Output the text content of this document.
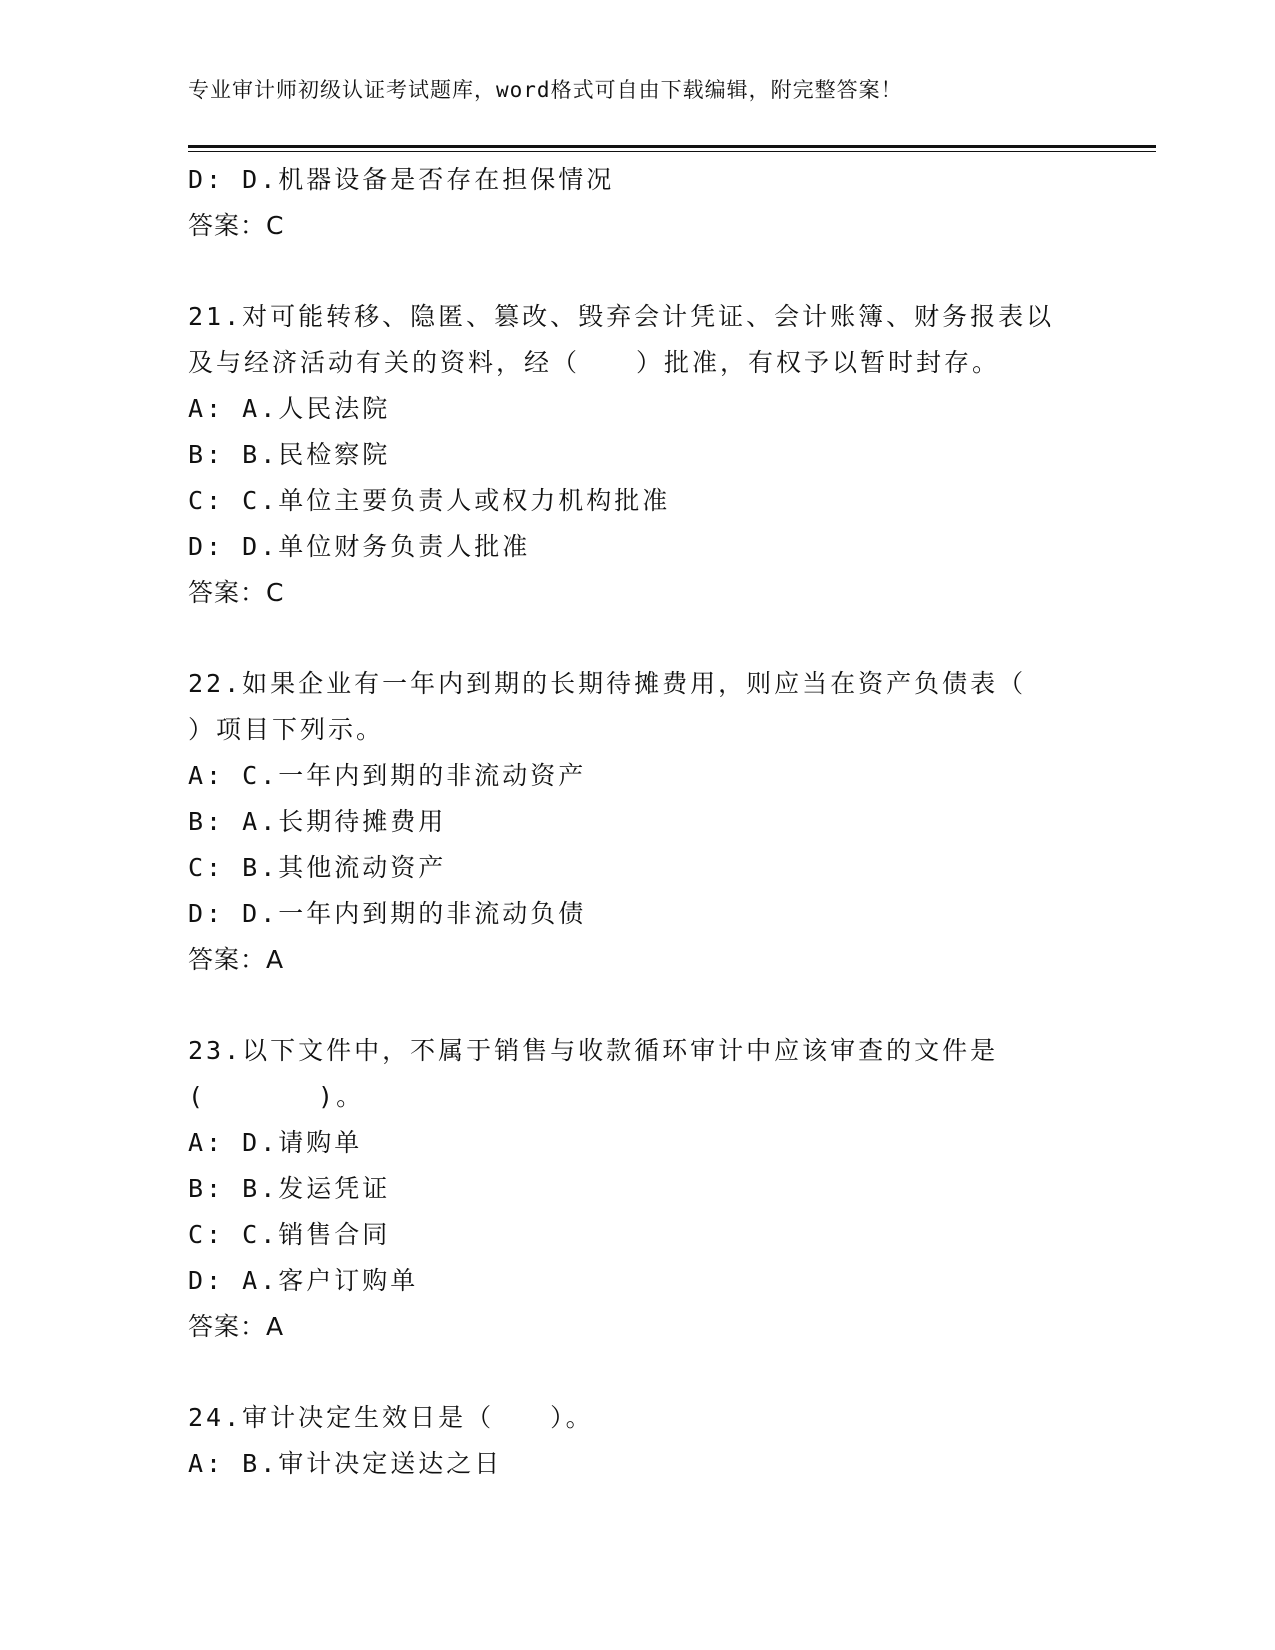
专业审计师初级认证考试题库，word格式可自由下载编辑，附完整答案！
D: D.机器设备是否存在担保情况
答案：C
21.对可能转移、隐匿、篡改、毁弃会计凭证、会计账簿、财务报表以
及与经济活动有关的资料，经（　　）批准，有权予以暂时封存。
A: A.人民法院
B: B.民检察院
C: C.单位主要负责人或权力机构批准
D: D.单位财务负责人批准
答案：C
22.如果企业有一年内到期的长期待摊费用，则应当在资产负债表（
）项目下列示。
A: C.一年内到期的非流动资产
B: A.长期待摊费用
C: B.其他流动资产
D: D.一年内到期的非流动负债
答案：A
23.以下文件中，不属于销售与收款循环审计中应该审查的文件是
(　　　　)。
A: D.请购单
B: B.发运凭证
C: C.销售合同
D: A.客户订购单
答案：A
24.审计决定生效日是（　　）。
A: B.审计决定送达之日
